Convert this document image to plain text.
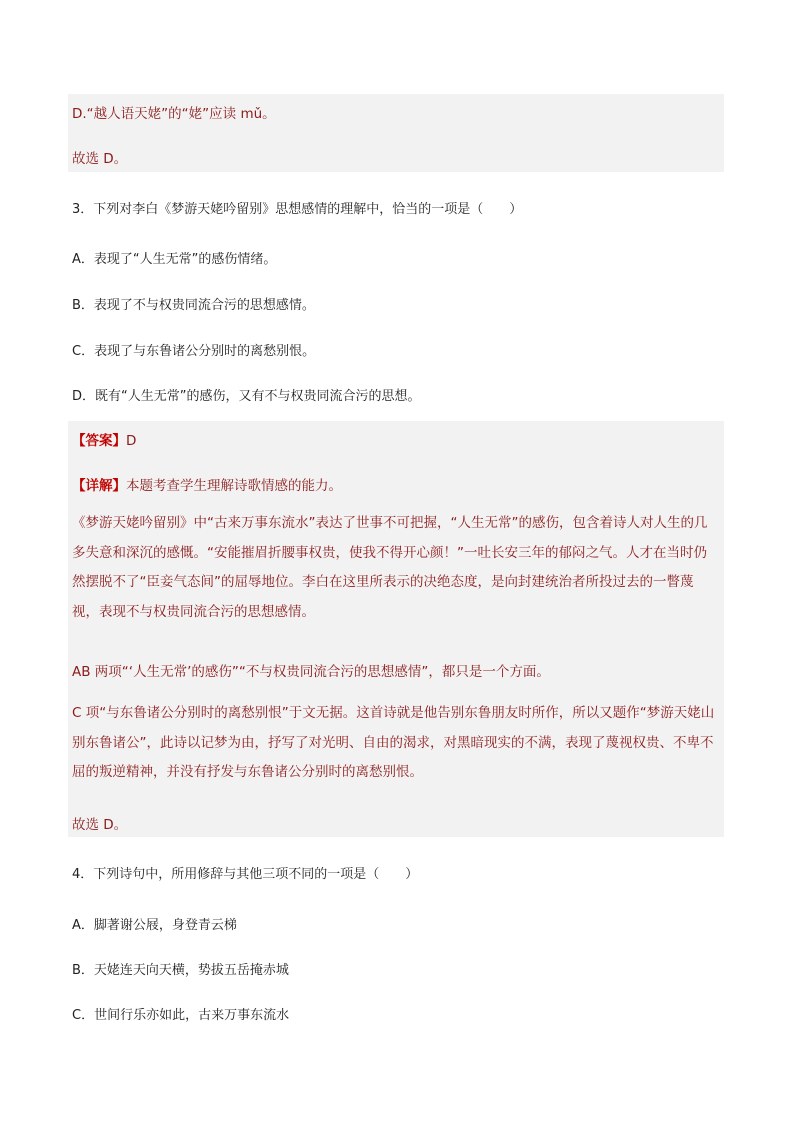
D.“越人语天姥”的“姥”应读 mǔ。
故选 D。
3．下列对李白《梦游天姥吟留别》思想感情的理解中，恰当的一项是（　　）
A．表现了“人生无常”的感伤情绪。
B．表现了不与权贵同流合污的思想感情。
C．表现了与东鲁诸公分别时的离愁别恨。
D．既有“人生无常”的感伤，又有不与权贵同流合污的思想。
【答案】D
【详解】本题考查学生理解诗歌情感的能力。
《梦游天姥吟留别》中“古来万事东流水”表达了世事不可把握，“人生无常”的感伤，包含着诗人对人生的几多失意和深沉的感慨。“安能摧眉折腰事权贵，使我不得开心颜！”一吐长安三年的郁闷之气。人才在当时仍然摆脱不了“臣妾气态间”的屈辱地位。李白在这里所表示的决绝态度，是向封建统治者所投过去的一瞥蔑视，表现不与权贵同流合污的思想感情。
AB 两项“‘人生无常’的感伤”“不与权贵同流合污的思想感情”，都只是一个方面。
C 项“与东鲁诸公分别时的离愁别恨”于文无据。这首诗就是他告别东鲁朋友时所作，所以又题作“梦游天姥山别东鲁诸公”，此诗以记梦为由，抒写了对光明、自由的渴求，对黑暗现实的不满，表现了蔑视权贵、不卑不屈的叛逆精神，并没有抒发与东鲁诸公分别时的离愁别恨。
故选 D。
4．下列诗句中，所用修辞与其他三项不同的一项是（　　）
A．脚著谢公屐，身登青云梯
B．天姥连天向天横，势拔五岳掩赤城
C．世间行乐亦如此，古来万事东流水
